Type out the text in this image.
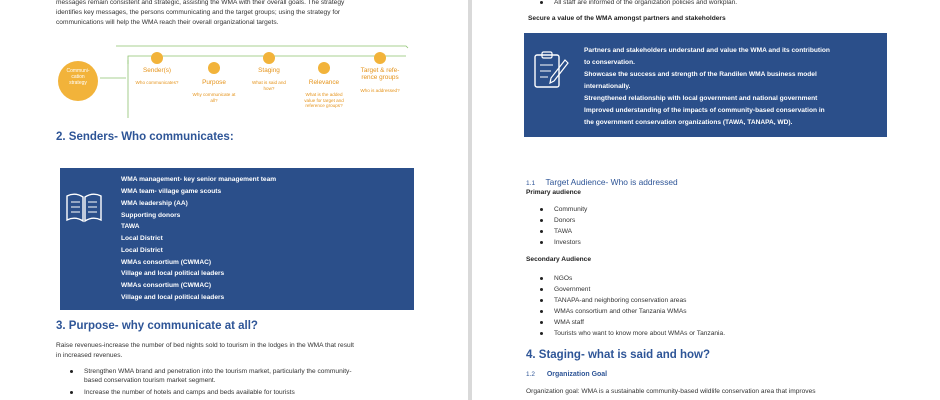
messages remain consistent and strategic, assisting the WMA with their overall goals. The strategy
identifies key messages, the persons communicating and the target groups; using the strategy for
communications will help the WMA reach their overall organizational targets.
Communi-
cation
strategy
Sender(s)
Who communicates?	Purpose
Why communicate at
all?
Staging
What is said and
how?
Relevance
What is the added
value for target and
reference groups?
Target & refe-
rence groups
Who is addressed?
2. Senders- Who communicates:
WMA management- key senior management team
WMA team- village game scouts
WMA leadership (AA)
Supporting donors
TAWA
Local District
Local District
WMAs consortium (CWMAC)
Village and local political leaders
WMAs consortium (CWMAC)
Village and local political leaders
3. Purpose- why communicate at all?
Raise revenues-increase the number of bed nights sold to tourism in the lodges in the WMA that result
in increased revenues.
Strengthen WMA brand and penetration into the tourism market, particularly the community-
based conservation tourism market segment.
Increase the number of hotels and camps and beds available for tourists
All staff are informed of the organization policies and workplan.
Secure a value of the WMA amongst partners and stakeholders
Partners and stakeholders understand and value the WMA and its contribution
to conservation.
Showcase the success and strength of the Randilen WMA business model
internationally.
Strengthened relationship with local government and national government
Improved understanding of the impacts of community-based conservation in
the government conservation organizations (TAWA, TANAPA, WD).
1.1 Target Audience- Who is addressed
Primary audience
Community
Donors
TAWA
Investors
Secondary Audience
NGOs
Government
TANAPA-and neighboring conservation areas
WMAs consortium and other Tanzania WMAs
WMA staff
Tourists who want to know more about WMAs or Tanzania.
4. Staging- what is said and how?
1.2 Organization Goal
Organization goal: WMA is a sustainable community-based wildlife conservation area that improves
